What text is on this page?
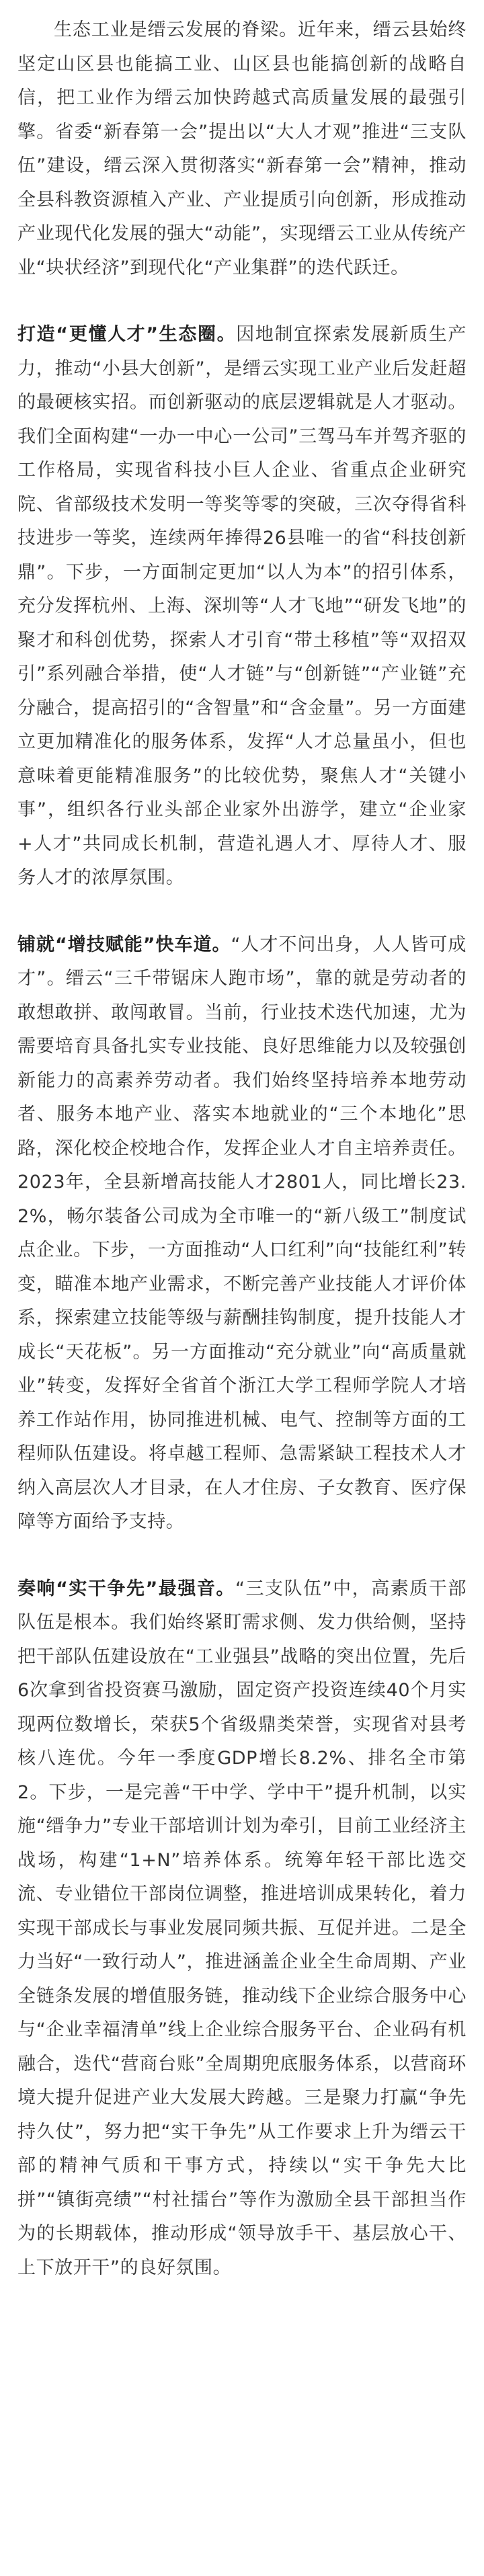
生态工业是缙云发展的脊梁。近年来，缙云县始终坚定山区县也能搞工业、山区县也能搞创新的战略自信，把工业作为缙云加快跨越式高质量发展的最强引擎。省委“新春第一会”提出以“大人才观”推进“三支队伍”建设，缙云深入贯彻落实“新春第一会”精神，推动全县科教资源植入产业、产业提质引向创新，形成推动产业现代化发展的强大“动能”，实现缙云工业从传统产业“块状经济”到现代化“产业集群”的迭代跃迁。

打造“更懂人才”生态圈。因地制宜探索发展新质生产力，推动“小县大创新”，是缙云实现工业产业后发赶超的最硬核实招。而创新驱动的底层逻辑就是人才驱动。我们全面构建“一办一中心一公司”三驾马车并驾齐驱的工作格局，实现省科技小巨人企业、省重点企业研究院、省部级技术发明一等奖等零的突破，三次夺得省科技进步一等奖，连续两年捧得26县唯一的省“科技创新鼎”。下步，一方面制定更加“以人为本”的招引体系，充分发挥杭州、上海、深圳等“人才飞地”“研发飞地”的聚才和科创优势，探索人才引育“带土移植”等“双招双引”系列融合举措，使“人才链”与“创新链”“产业链”充分融合，提高招引的“含智量”和“含金量”。另一方面建立更加精准化的服务体系，发挥“人才总量虽小，但也意味着更能精准服务”的比较优势，聚焦人才“关键小事”，组织各行业头部企业家外出游学，建立“企业家+人才”共同成长机制，营造礼遇人才、厚待人才、服务人才的浓厚氛围。

铺就“增技赋能”快车道。“人才不问出身，人人皆可成才”。缙云“三千带锯床人跑市场”，靠的就是劳动者的敢想敢拼、敢闯敢冒。当前，行业技术迭代加速，尤为需要培育具备扎实专业技能、良好思维能力以及较强创新能力的高素养劳动者。我们始终坚持培养本地劳动者、服务本地产业、落实本地就业的“三个本地化”思路，深化校企校地合作，发挥企业人才自主培养责任。2023年，全县新增高技能人才2801人，同比增长23.2%，畅尔装备公司成为全市唯一的“新八级工”制度试点企业。下步，一方面推动“人口红利”向“技能红利”转变，瞄准本地产业需求，不断完善产业技能人才评价体系，探索建立技能等级与薪酬挂钩制度，提升技能人才成长“天花板”。另一方面推动“充分就业”向“高质量就业”转变，发挥好全省首个浙江大学工程师学院人才培养工作站作用，协同推进机械、电气、控制等方面的工程师队伍建设。将卓越工程师、急需紧缺工程技术人才纳入高层次人才目录，在人才住房、子女教育、医疗保障等方面给予支持。

奏响“实干争先”最强音。“三支队伍”中，高素质干部队伍是根本。我们始终紧盯需求侧、发力供给侧，坚持把干部队伍建设放在“工业强县”战略的突出位置，先后6次拿到省投资赛马激励，固定资产投资连续40个月实现两位数增长，荣获5个省级鼎类荣誉，实现省对县考核八连优。今年一季度GDP增长8.2%、排名全市第2。下步，一是完善“干中学、学中干”提升机制，以实施“缙争力”专业干部培训计划为牵引，目前工业经济主战场，构建“1+N”培养体系。统筹年轻干部比选交流、专业错位干部岗位调整，推进培训成果转化，着力实现干部成长与事业发展同频共振、互促并进。二是全力当好“一致行动人”，推进涵盖企业全生命周期、产业全链条发展的增值服务链，推动线下企业综合服务中心与“企业幸福清单”线上企业综合服务平台、企业码有机融合，迭代“营商台账”全周期兜底服务体系，以营商环境大提升促进产业大发展大跨越。三是聚力打赢“争先持久仗”，努力把“实干争先”从工作要求上升为缙云干部的精神气质和干事方式，持续以“实干争先大比拼”“镇街亮绩”“村社擂台”等作为激励全县干部担当作为的长期载体，推动形成“领导放手干、基层放心干、上下放开干”的良好氛围。
